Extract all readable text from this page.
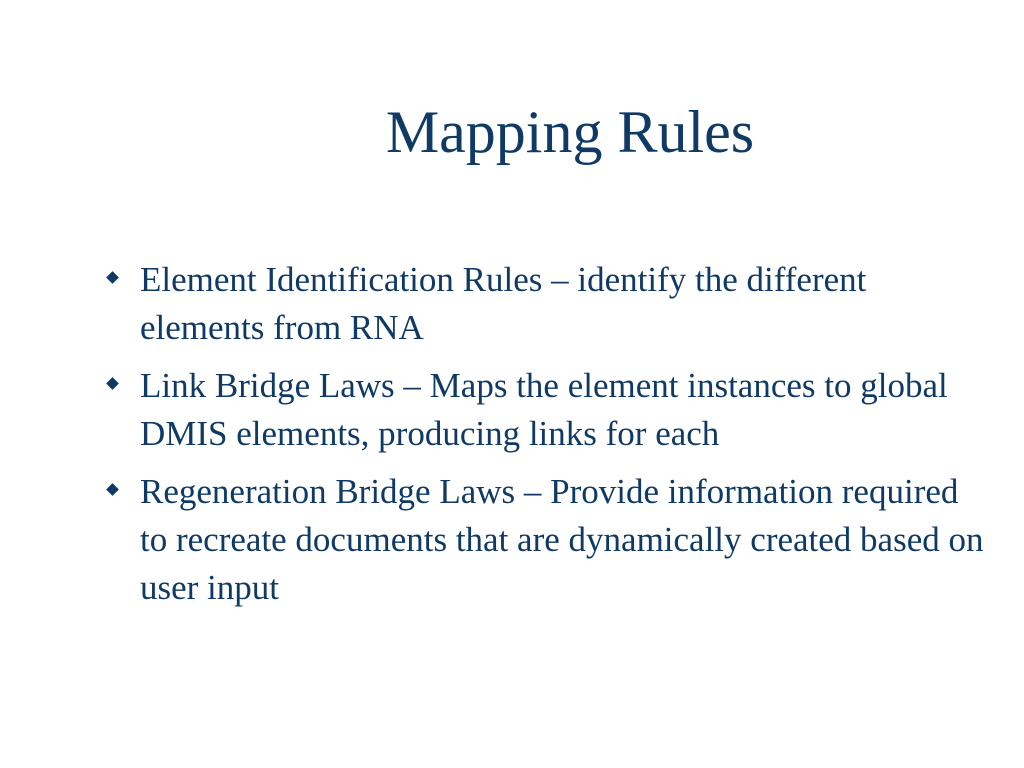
Mapping Rules
Element Identification Rules – identify the different elements from RNA
Link Bridge Laws – Maps the element instances to global DMIS elements, producing links for each
Regeneration Bridge Laws – Provide information required to recreate documents that are dynamically created based on user input
